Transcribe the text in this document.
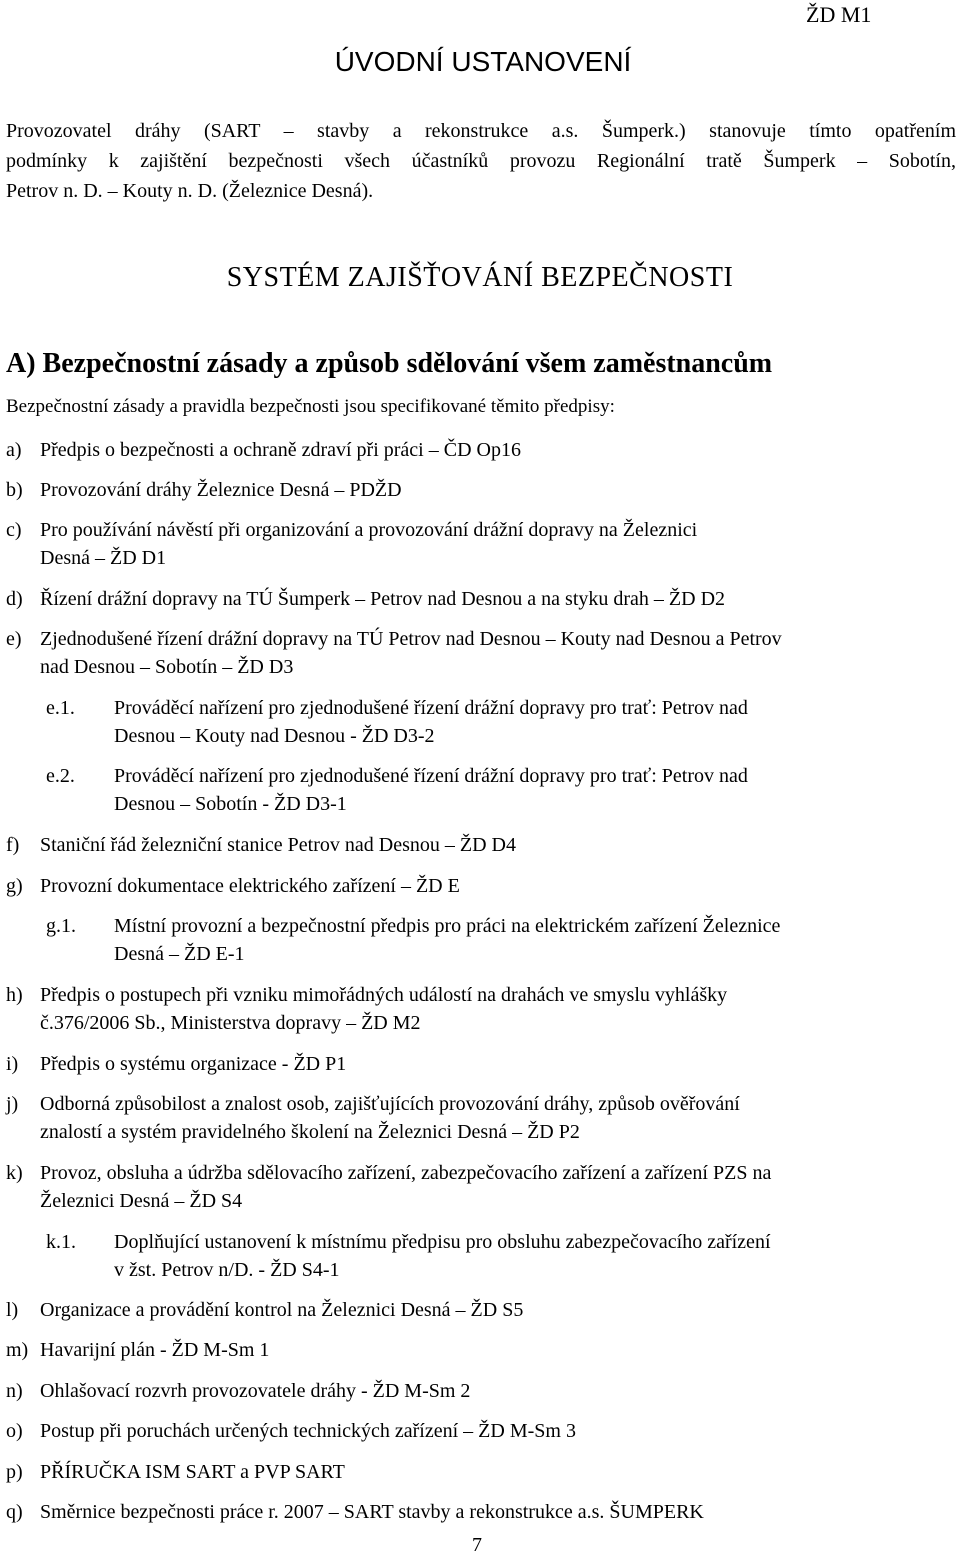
ŽD M1
ÚVODNÍ USTANOVENÍ
Provozovatel dráhy (SART – stavby a rekonstrukce a.s. Šumperk.) stanovuje tímto opatřením
podmínky k zajištění bezpečnosti všech účastníků provozu Regionální tratě Šumperk – Sobotín,
Petrov n. D. – Kouty n. D. (Železnice Desná).
SYSTÉM ZAJIŠŤOVÁNÍ BEZPEČNOSTI
A) Bezpečnostní zásady a způsob sdělování všem zaměstnancům
Bezpečnostní zásady a pravidla bezpečnosti jsou specifikované těmito předpisy:
a) Předpis o bezpečnosti a ochraně zdraví při práci – ČD Op16
b) Provozování dráhy Železnice Desná – PDŽD
c) Pro používání návěstí při organizování a provozování drážní dopravy na Železnici
Desná – ŽD D1
d) Řízení drážní dopravy na TÚ Šumperk – Petrov nad Desnou a na styku drah – ŽD D2
e) Zjednodušené řízení drážní dopravy na TÚ Petrov nad Desnou – Kouty nad Desnou a Petrov
nad Desnou – Sobotín – ŽD D3
e.1. Prováděcí nařízení pro zjednodušené řízení drážní dopravy pro trať: Petrov nad
Desnou – Kouty nad Desnou - ŽD D3-2
e.2. Prováděcí nařízení pro zjednodušené řízení drážní dopravy pro trať: Petrov nad
Desnou – Sobotín - ŽD D3-1
f) Staniční řád železniční stanice Petrov nad Desnou – ŽD D4
g) Provozní dokumentace elektrického zařízení – ŽD E
g.1. Místní provozní a bezpečnostní předpis pro práci na elektrickém zařízení Železnice
Desná – ŽD E-1
h) Předpis o postupech při vzniku mimořádných událostí na drahách ve smyslu vyhlášky
č.376/2006 Sb., Ministerstva dopravy – ŽD M2
i) Předpis o systému organizace - ŽD P1
j) Odborná způsobilost a znalost osob, zajišťujících provozování dráhy, způsob ověřování
znalostí a systém pravidelného školení na Železnici Desná – ŽD P2
k) Provoz, obsluha a údržba sdělovacího zařízení, zabezpečovacího zařízení a zařízení PZS na
Železnici Desná – ŽD S4
k.1. Doplňující ustanovení k místnímu předpisu pro obsluhu zabezpečovacího zařízení
v žst. Petrov n/D. - ŽD S4-1
l) Organizace a provádění kontrol na Železnici Desná – ŽD S5
m) Havarijní plán - ŽD M-Sm 1
n) Ohlašovací rozvrh provozovatele dráhy - ŽD M-Sm 2
o) Postup při poruchách určených technických zařízení – ŽD M-Sm 3
p) PŘÍRUČKA ISM SART a PVP SART
q) Směrnice bezpečnosti práce r. 2007 – SART stavby a rekonstrukce a.s. ŠUMPERK
7
